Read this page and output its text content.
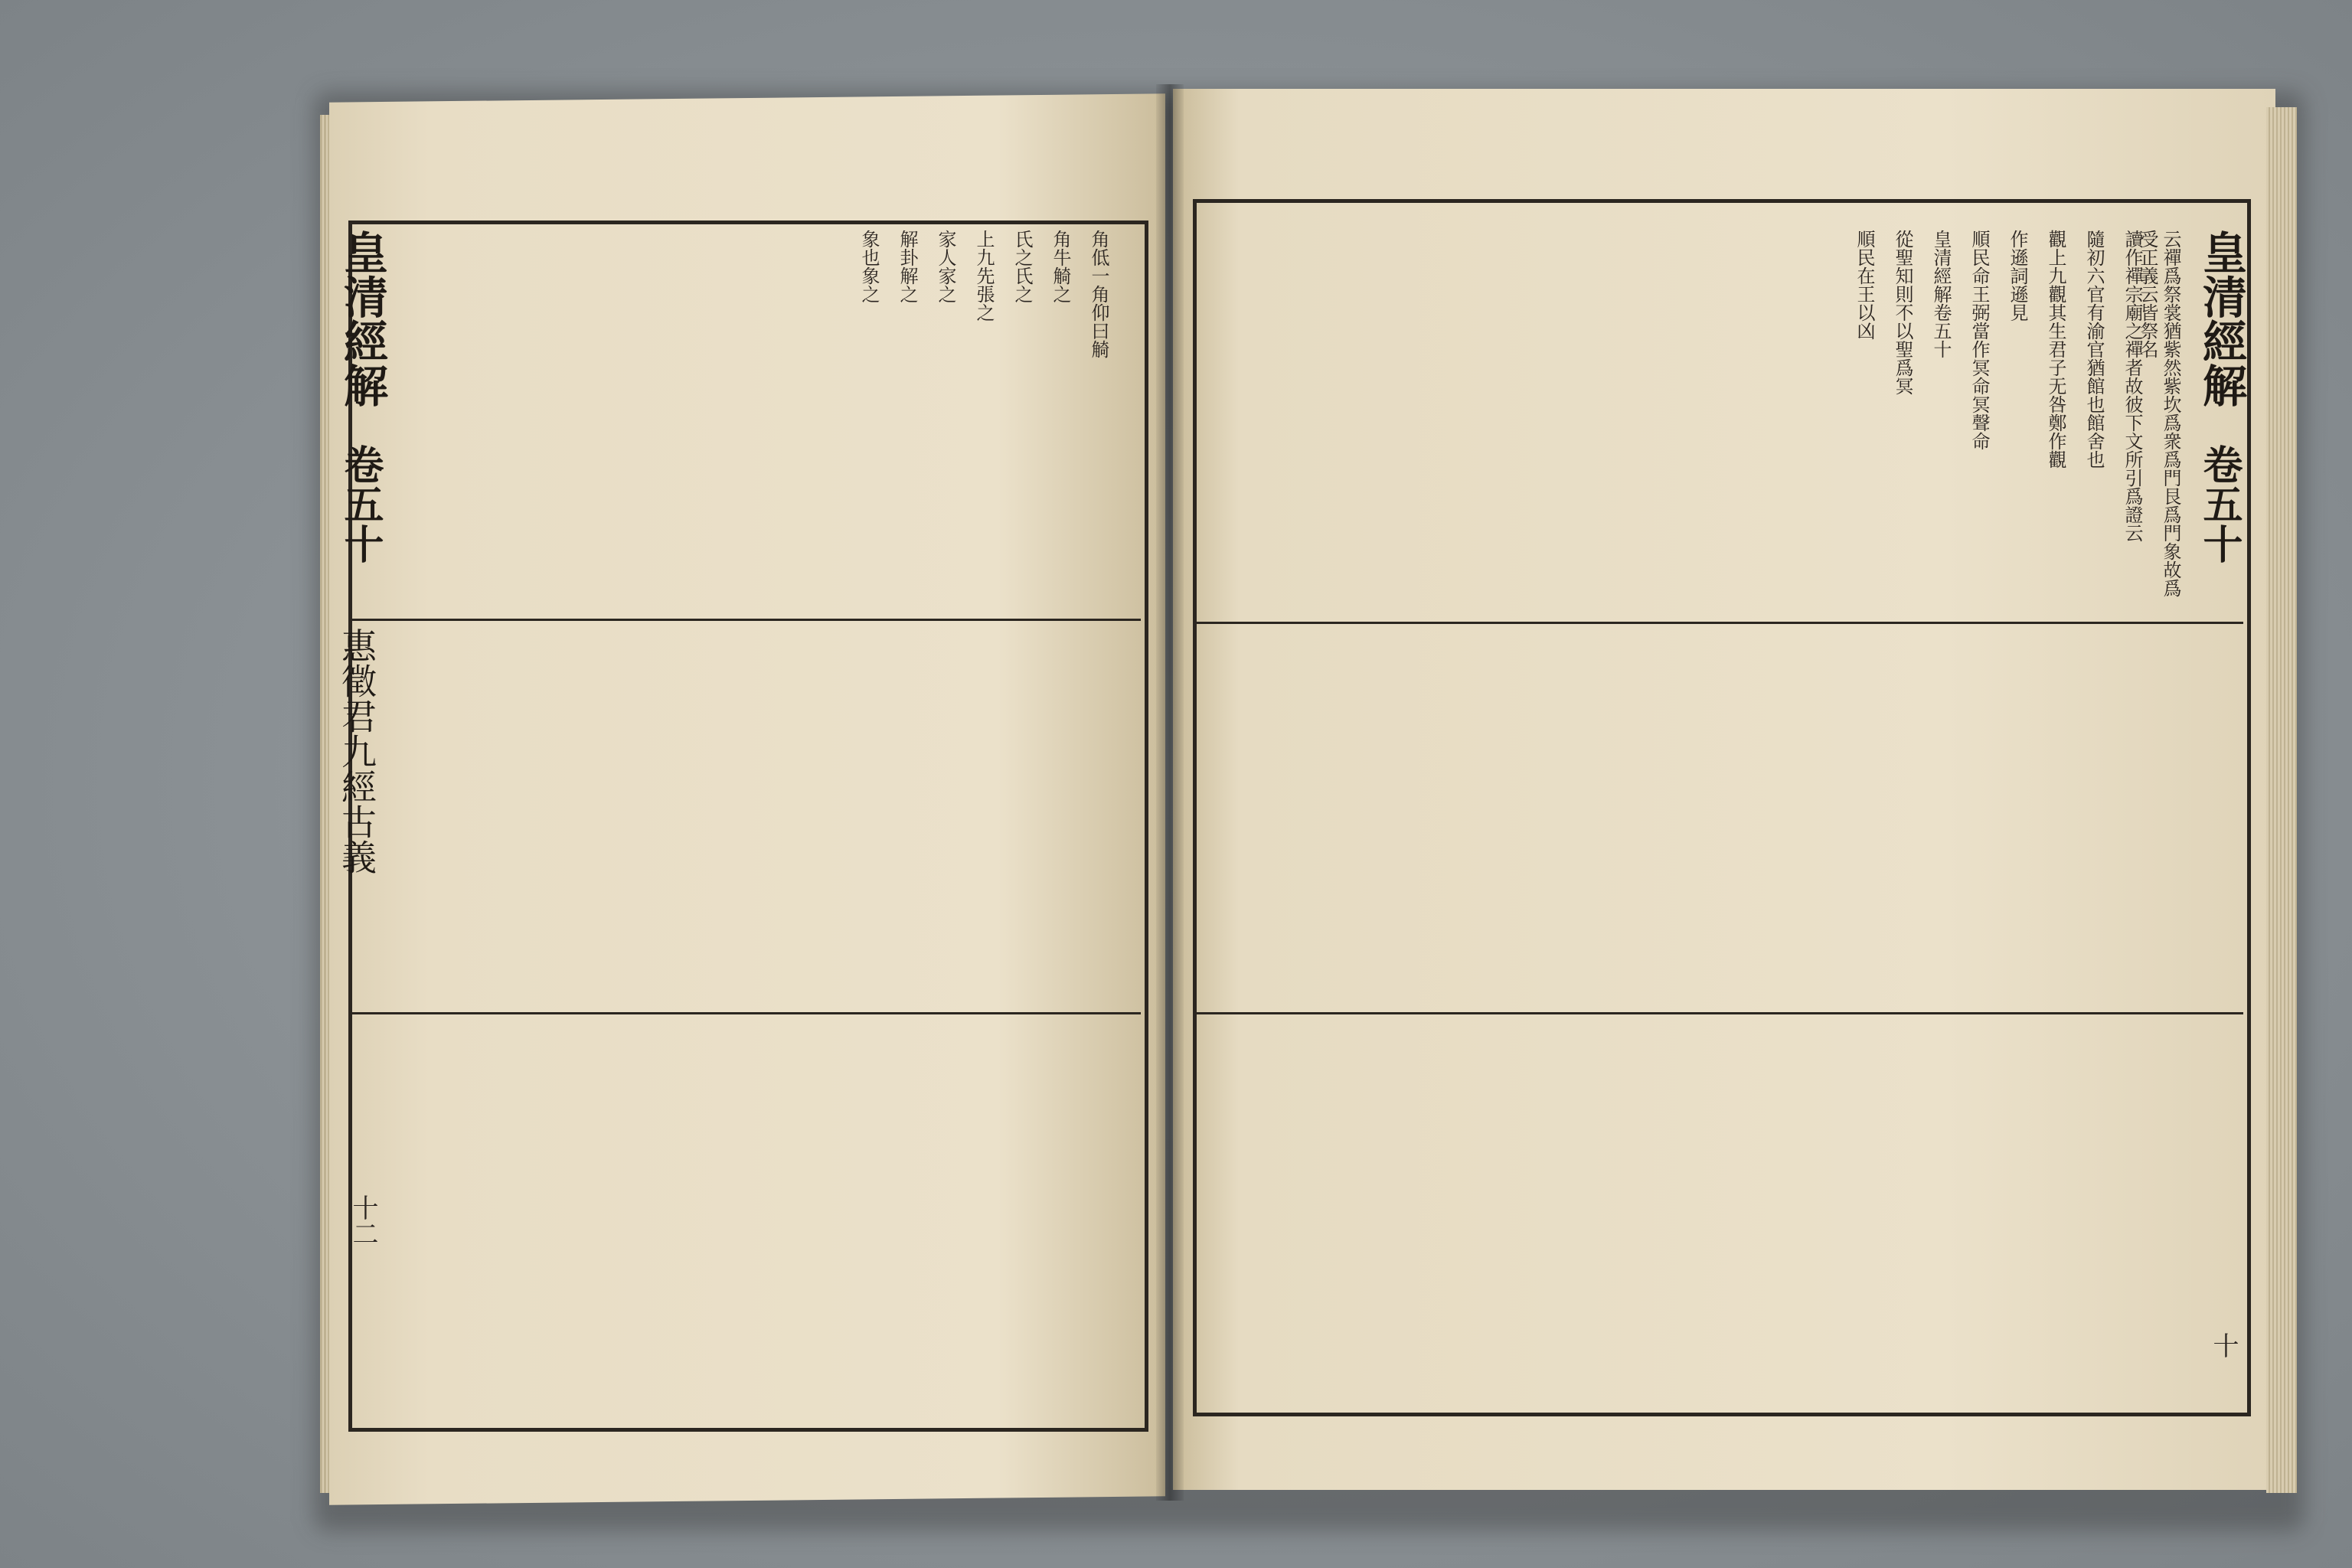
皇清經解
卷五十
十
皇清經解
卷五十
惠徵君九經古義
十二
云禪爲祭裳猶紫然紫坎爲衆爲門艮爲門象故爲受正義云皆祭名
讀作禪宗廟之禪者故彼下文所引爲證云
隨初六官有渝官猶館也館舍也
觀上九觀其生君子无咎鄭作觀
作遜詞遜見
順民命王弼當作冥命冥聲命
皇清經解卷五十
從聖知則不以聖爲冥
順民在王以凶
角低一角仰曰觭
角牛觭之
氏之氏之
上九先張之
家人家之
解卦解之
象也象之
